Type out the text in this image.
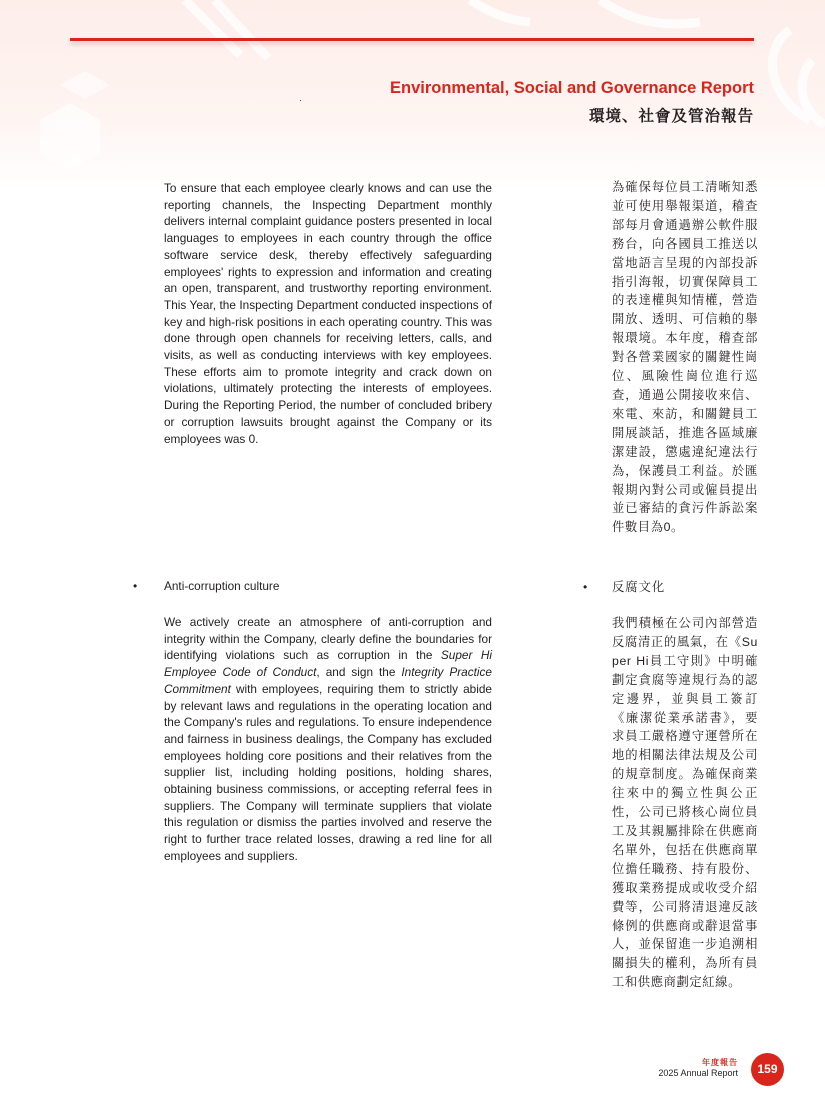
Environmental, Social and Governance Report
環境、社會及管治報告
To ensure that each employee clearly knows and can use the reporting channels, the Inspecting Department monthly delivers internal complaint guidance posters presented in local languages to employees in each country through the office software service desk, thereby effectively safeguarding employees' rights to expression and information and creating an open, transparent, and trustworthy reporting environment. This Year, the Inspecting Department conducted inspections of key and high-risk positions in each operating country. This was done through open channels for receiving letters, calls, and visits, as well as conducting interviews with key employees. These efforts aim to promote integrity and crack down on violations, ultimately protecting the interests of employees. During the Reporting Period, the number of concluded bribery or corruption lawsuits brought against the Company or its employees was 0.
為確保每位員工清晰知悉並可使用舉報渠道，稽查部每月會通過辦公軟件服務台，向各國員工推送以當地語言呈現的內部投訴指引海報，切實保障員工的表達權與知情權，營造開放、透明、可信賴的舉報環境。本年度，稽查部對各營業國家的關鍵性崗位、風險性崗位進行巡查，通過公開接收來信、來電、來訪，和關鍵員工開展談話，推進各區域廉潔建設，懲處違紀違法行為，保護員工利益。於匯報期內對公司或僱員提出並已審結的貪污件訴訟案件數目為0。
• Anti-corruption culture	• 反腐文化
We actively create an atmosphere of anti-corruption and integrity within the Company, clearly define the boundaries for identifying violations such as corruption in the Super Hi Employee Code of Conduct, and sign the Integrity Practice Commitment with employees, requiring them to strictly abide by relevant laws and regulations in the operating location and the Company's rules and regulations. To ensure independence and fairness in business dealings, the Company has excluded employees holding core positions and their relatives from the supplier list, including holding positions, holding shares, obtaining business commissions, or accepting referral fees in suppliers. The Company will terminate suppliers that violate this regulation or dismiss the parties involved and reserve the right to further trace related losses, drawing a red line for all employees and suppliers.
我們積極在公司內部營造反腐清正的風氣，在《Super Hi員工守則》中明確劃定貪腐等違規行為的認定邊界，並與員工簽訂《廉潔從業承諾書》，要求員工嚴格遵守運營所在地的相關法律法規及公司的規章制度。為確保商業往來中的獨立性與公正性，公司已將核心崗位員工及其親屬排除在供應商名單外，包括在供應商單位擔任職務、持有股份、獲取業務提成或收受介紹費等，公司將清退違反該條例的供應商或辭退當事人，並保留進一步追溯相關損失的權利，為所有員工和供應商劃定紅線。
年度報告
2025 Annual Report	159
